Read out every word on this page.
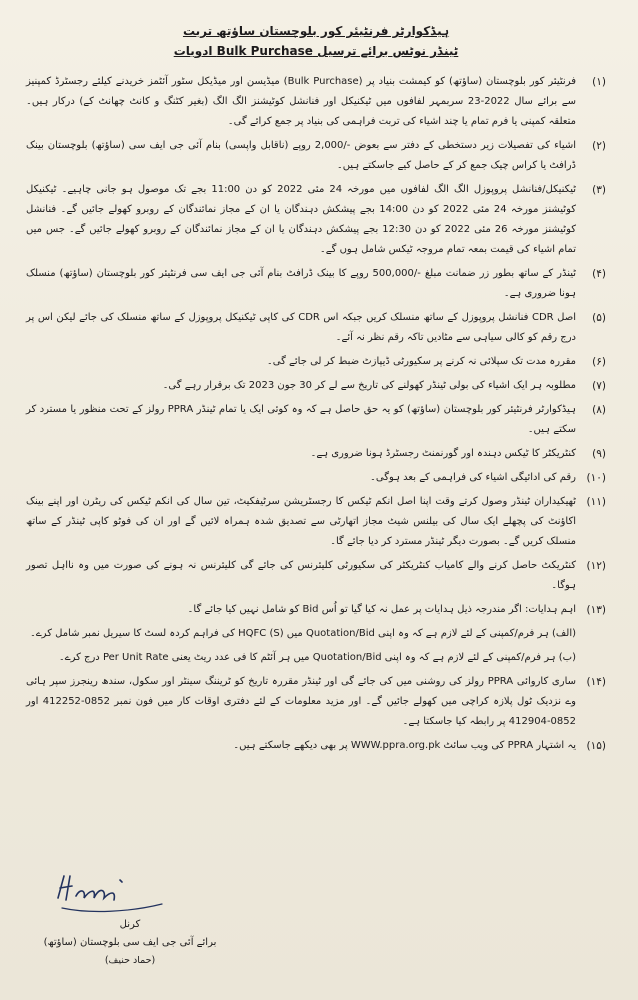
ہیڈکوارٹر فرنٹیئر کور بلوچستان ساؤتھ تربت
ٹینڈر نوٹس برائے ترسیل Bulk Purchase ادویات
(۱)
فرنٹیئر کور بلوچستان (ساؤتھ) کو کیمشت بنیاد پر (Bulk Purchase) میڈیسن اور میڈیکل سٹور آئٹمز خریدنے کیلئے رجسٹرڈ کمپنیز سے برائے سال 2022-23 سربمہر لفافوں میں ٹیکنیکل اور فنانشل کوٹیشنز الگ الگ (بغیر کٹنگ و کانٹ چھانٹ کے) درکار ہیں۔ متعلقہ کمپنی یا فرم تمام یا چند اشیاء کی تربت فراہمی کی بنیاد پر جمع کرائے گی۔
(۲)
اشیاء کی تفصیلات زیر دستخطی کے دفتر سے بعوض -/2,000 روپے (ناقابل واپسی) بنام آئی جی ایف سی (ساؤتھ) بلوچستان بینک ڈرافٹ یا کراس چیک جمع کر کے حاصل کیے جاسکتے ہیں۔
(۳)
ٹیکنیکل/فنانشل پروپوزل الگ الگ لفافوں میں مورخہ 24 مئی 2022 کو دن 11:00 بجے تک موصول ہو جانی چاہیے۔ ٹیکنیکل کوٹیشنز مورخہ 24 مئی 2022 کو دن 14:00 بجے پیشکش دہندگان یا ان کے مجاز نمائندگان کے روبرو کھولے جائیں گے۔ فنانشل کوٹیشنز مورخہ 26 مئی 2022 کو دن 12:30 بجے پیشکش دہندگان یا ان کے مجاز نمائندگان کے روبرو کھولے جائیں گے۔ جس میں تمام اشیاء کی قیمت بمعہ تمام مروجہ ٹیکس شامل ہوں گے۔
(۴)
ٹینڈر کے ساتھ بطور زر ضمانت مبلغ -/500,000 روپے کا بینک ڈرافٹ بنام آئی جی ایف سی فرنٹیئر کور بلوچستان (ساؤتھ) منسلک ہونا ضروری ہے۔
(۵)
اصل CDR فنانشل پروپوزل کے ساتھ منسلک کریں جبکہ اس CDR کی کاپی ٹیکنیکل پروپوزل کے ساتھ منسلک کی جائے لیکن اس پر درج رقم کو کالی سیاہی سے مٹادیں تاکہ رقم نظر نہ آئے۔
(۶)
مقررہ مدت تک سپلائی نہ کرنے پر سکیورٹی ڈیپازٹ ضبط کر لی جائے گی۔
(۷)
مطلوبہ ہر ایک اشیاء کی بولی ٹینڈر کھولنے کی تاریخ سے لے کر 30 جون 2023 تک برقرار رہے گی۔
(۸)
ہیڈکوارٹر فرنٹیئر کور بلوچستان (ساؤتھ) کو یہ حق حاصل ہے کہ وہ کوئی ایک یا تمام ٹینڈر PPRA رولز کے تحت منظور یا مسترد کر سکتے ہیں۔
(۹)
کنٹریکٹر کا ٹیکس دہندہ اور گورنمنٹ رجسٹرڈ ہونا ضروری ہے۔
(۱۰)
رقم کی ادائیگی اشیاء کی فراہمی کے بعد ہوگی۔
(۱۱)
ٹھیکیداران ٹینڈر وصول کرتے وقت اپنا اصل انکم ٹیکس کا رجسٹریشن سرٹیفکیٹ، تین سال کی انکم ٹیکس کی ریٹرن اور اپنے بینک اکاؤنٹ کی پچھلے ایک سال کی بیلنس شیٹ مجاز اتھارٹی سے تصدیق شدہ ہمراہ لائیں گے اور ان کی فوٹو کاپی ٹینڈر کے ساتھ منسلک کریں گے۔ بصورت دیگر ٹینڈر مسترد کر دیا جائے گا۔
(۱۲)
کنٹریکٹ حاصل کرنے والے کامیاب کنٹریکٹر کی سکیورٹی کلیئرنس کی جائے گی کلیئرنس نہ ہونے کی صورت میں وہ نااہل تصور ہوگا۔
(۱۳)
اہم ہدایات: اگر مندرجہ ذیل ہدایات پر عمل نہ کیا گیا تو اُس Bid کو شامل نہیں کیا جائے گا۔
(الف) ہر فرم/کمپنی کے لئے لازم ہے کہ وہ اپنی Quotation/Bid میں HQFC (S) کی فراہم کردہ لسٹ کا سیریل نمبر شامل کرے۔
(ب) ہر فرم/کمپنی کے لئے لازم ہے کہ وہ اپنی Quotation/Bid میں ہر آئٹم کا فی عدد ریٹ یعنی Per Unit Rate درج کرے۔
(۱۴)
ساری کاروائی PPRA رولز کی روشنی میں کی جائے گی اور ٹینڈر مقررہ تاریخ کو ٹریننگ سینٹر اور سکول، سندھ رینجرز سپر ہائی وے نزدیک ٹول پلازہ کراچی میں کھولے جائیں گے۔ اور مزید معلومات کے لئے دفتری اوقات کار میں فون نمبر 0852-412252 اور 0852-412904 پر رابطہ کیا جاسکتا ہے۔
(۱۵)
یہ اشتہار PPRA کی ویب سائٹ WWW.ppra.org.pk پر بھی دیکھے جاسکتے ہیں۔
کرنل
برائے آئی جی ایف سی بلوچستان (ساؤتھ)
(حماد حنیف)
